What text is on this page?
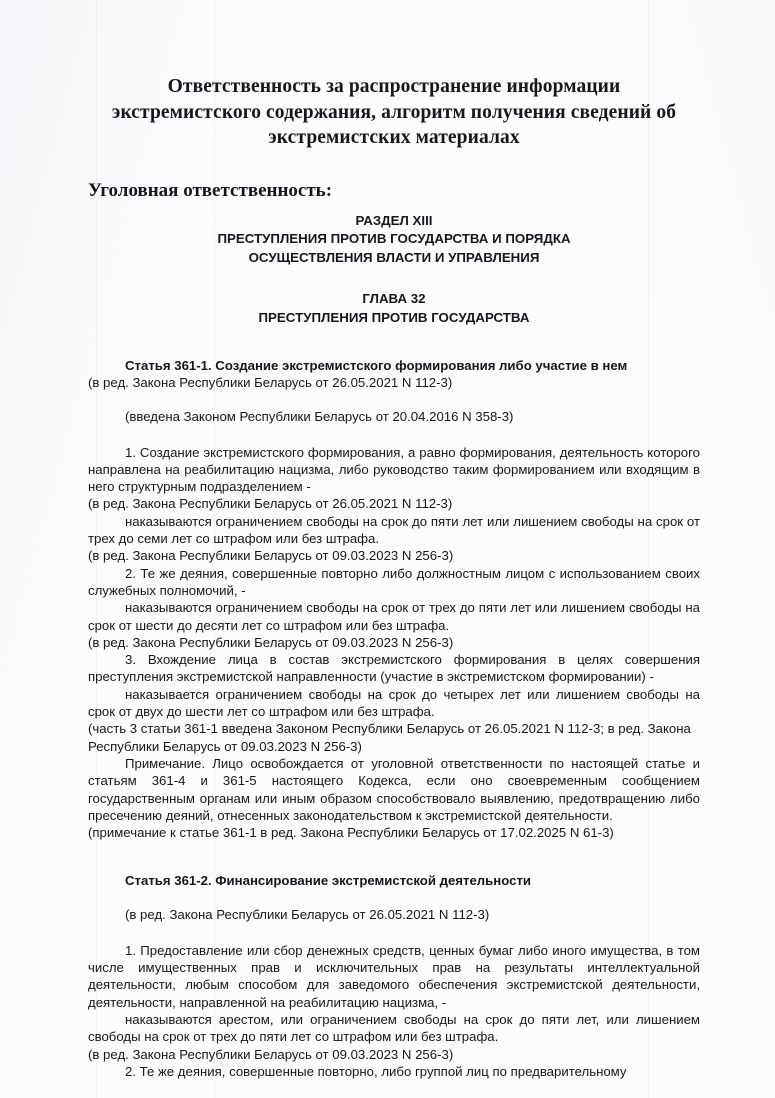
Ответственность за распространение информации
экстремистского содержания, алгоритм получения сведений об
экстремистских материалах
Уголовная ответственность:
РАЗДЕЛ XIII
ПРЕСТУПЛЕНИЯ ПРОТИВ ГОСУДАРСТВА И ПОРЯДКА
ОСУЩЕСТВЛЕНИЯ ВЛАСТИ И УПРАВЛЕНИЯ
ГЛАВА 32
ПРЕСТУПЛЕНИЯ ПРОТИВ ГОСУДАРСТВА
Статья 361-1. Создание экстремистского формирования либо участие в нем

(в ред. Закона Республики Беларусь от 26.05.2021 N 112-3)

(введена Законом Республики Беларусь от 20.04.2016 N 358-3)

1. Создание экстремистского формирования, а равно формирования, деятельность которого направлена на реабилитацию нацизма, либо руководство таким формированием или входящим в него структурным подразделением -

(в ред. Закона Республики Беларусь от 26.05.2021 N 112-3)

наказываются ограничением свободы на срок до пяти лет или лишением свободы на срок от трех до семи лет со штрафом или без штрафа.

(в ред. Закона Республики Беларусь от 09.03.2023 N 256-3)

2. Те же деяния, совершенные повторно либо должностным лицом с использованием своих служебных полномочий, -

наказываются ограничением свободы на срок от трех до пяти лет или лишением свободы на срок от шести до десяти лет со штрафом или без штрафа.

(в ред. Закона Республики Беларусь от 09.03.2023 N 256-3)

3. Вхождение лица в состав экстремистского формирования в целях совершения преступления экстремистской направленности (участие в экстремистском формировании) -

наказывается ограничением свободы на срок до четырех лет или лишением свободы на срок от двух до шести лет со штрафом или без штрафа.

(часть 3 статьи 361-1 введена Законом Республики Беларусь от 26.05.2021 N 112-3; в ред. Закона Республики Беларусь от 09.03.2023 N 256-3)

Примечание. Лицо освобождается от уголовной ответственности по настоящей статье и статьям 361-4 и 361-5 настоящего Кодекса, если оно своевременным сообщением государственным органам или иным образом способствовало выявлению, предотвращению либо пресечению деяний, отнесенных законодательством к экстремистской деятельности.

(примечание к статье 361-1 в ред. Закона Республики Беларусь от 17.02.2025 N 61-3)

Статья 361-2. Финансирование экстремистской деятельности

(в ред. Закона Республики Беларусь от 26.05.2021 N 112-3)

1. Предоставление или сбор денежных средств, ценных бумаг либо иного имущества, в том числе имущественных прав и исключительных прав на результаты интеллектуальной деятельности, любым способом для заведомого обеспечения экстремистской деятельности, деятельности, направленной на реабилитацию нацизма, -

наказываются арестом, или ограничением свободы на срок до пяти лет, или лишением свободы на срок от трех до пяти лет со штрафом или без штрафа.

(в ред. Закона Республики Беларусь от 09.03.2023 N 256-3)

2. Те же деяния, совершенные повторно, либо группой лиц по предварительному
